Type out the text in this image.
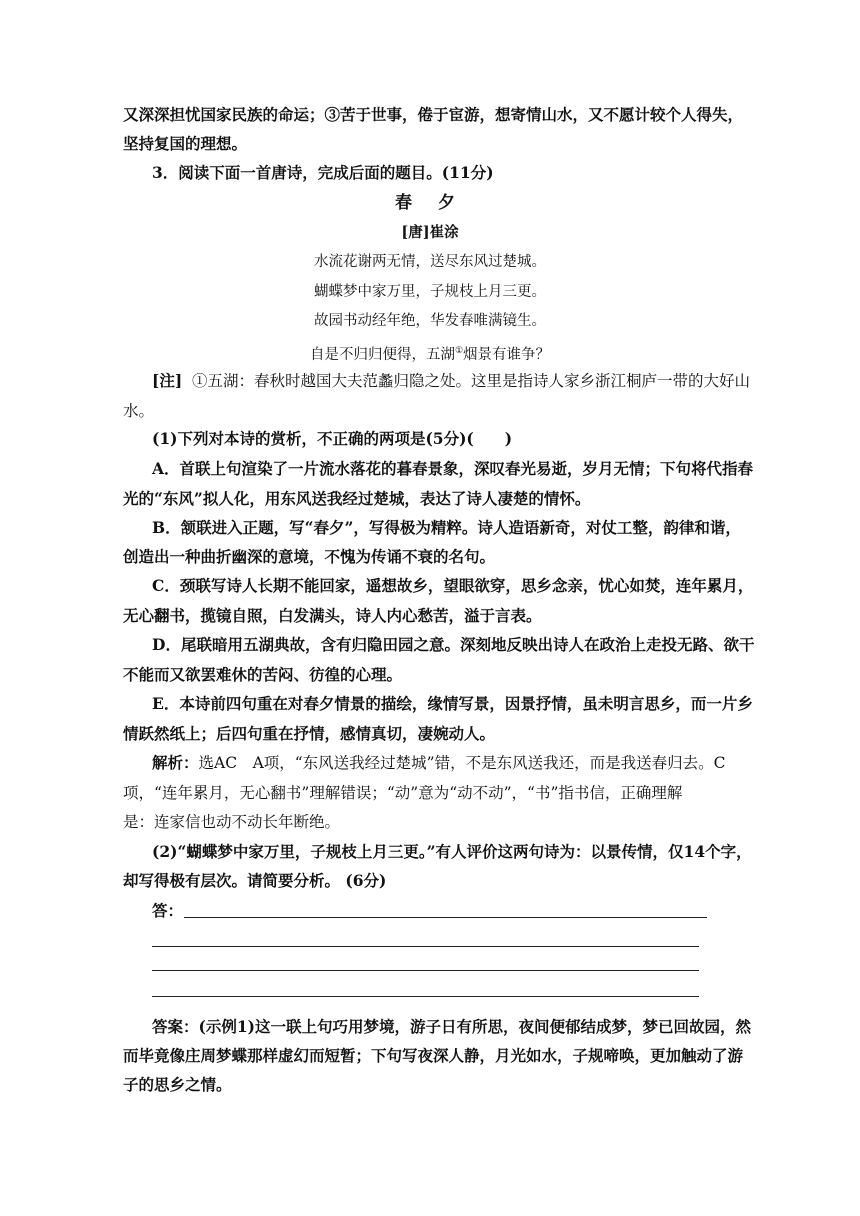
又深深担忧国家民族的命运；③苦于世事，倦于宦游，想寄情山水，又不愿计较个人得失，
坚持复国的理想。
3．阅读下面一首唐诗，完成后面的题目。(11分)
春 夕
[唐]崔涂
水流花谢两无情，送尽东风过楚城。
蝴蝶梦中家万里，子规枝上月三更。
故园书动经年绝，华发春唯满镜生。
自是不归归便得，五湖①烟景有谁争？
[注] ①五湖：春秋时越国大夫范蠡归隐之处。这里是指诗人家乡浙江桐庐一带的大好山
水。
(1)下列对本诗的赏析，不正确的两项是(5分)(　　)
A．首联上句渲染了一片流水落花的暮春景象，深叹春光易逝，岁月无情；下句将代指春
光的“东风”拟人化，用东风送我经过楚城，表达了诗人凄楚的情怀。
B．颔联进入正题，写“春夕”，写得极为精粹。诗人造语新奇，对仗工整，韵律和谐，
创造出一种曲折幽深的意境，不愧为传诵不衰的名句。
C．颈联写诗人长期不能回家，遥想故乡，望眼欲穿，思乡念亲，忧心如焚，连年累月，
无心翻书，揽镜自照，白发满头，诗人内心愁苦，溢于言表。
D．尾联暗用五湖典故，含有归隐田园之意。深刻地反映出诗人在政治上走投无路、欲干
不能而又欲罢难休的苦闷、彷徨的心理。
E．本诗前四句重在对春夕情景的描绘，缘情写景，因景抒情，虽未明言思乡，而一片乡
情跃然纸上；后四句重在抒情，感情真切，凄婉动人。
解析：选AC　A项，“东风送我经过楚城”错，不是东风送我还，而是我送春归去。C
项，“连年累月，无心翻书”理解错误；“动”意为“动不动”，“书”指书信，正确理解
是：连家信也动不动长年断绝。
(2)“蝴蝶梦中家万里，子规枝上月三更。”有人评价这两句诗为：以景传情，仅14个字，
却写得极有层次。请简要分析。 (6分)
答：
答案：(示例1)这一联上句巧用梦境，游子日有所思，夜间便郁结成梦，梦已回故园，然
而毕竟像庄周梦蝶那样虚幻而短暂；下句写夜深人静，月光如水，子规啼唤，更加触动了游
子的思乡之情。
